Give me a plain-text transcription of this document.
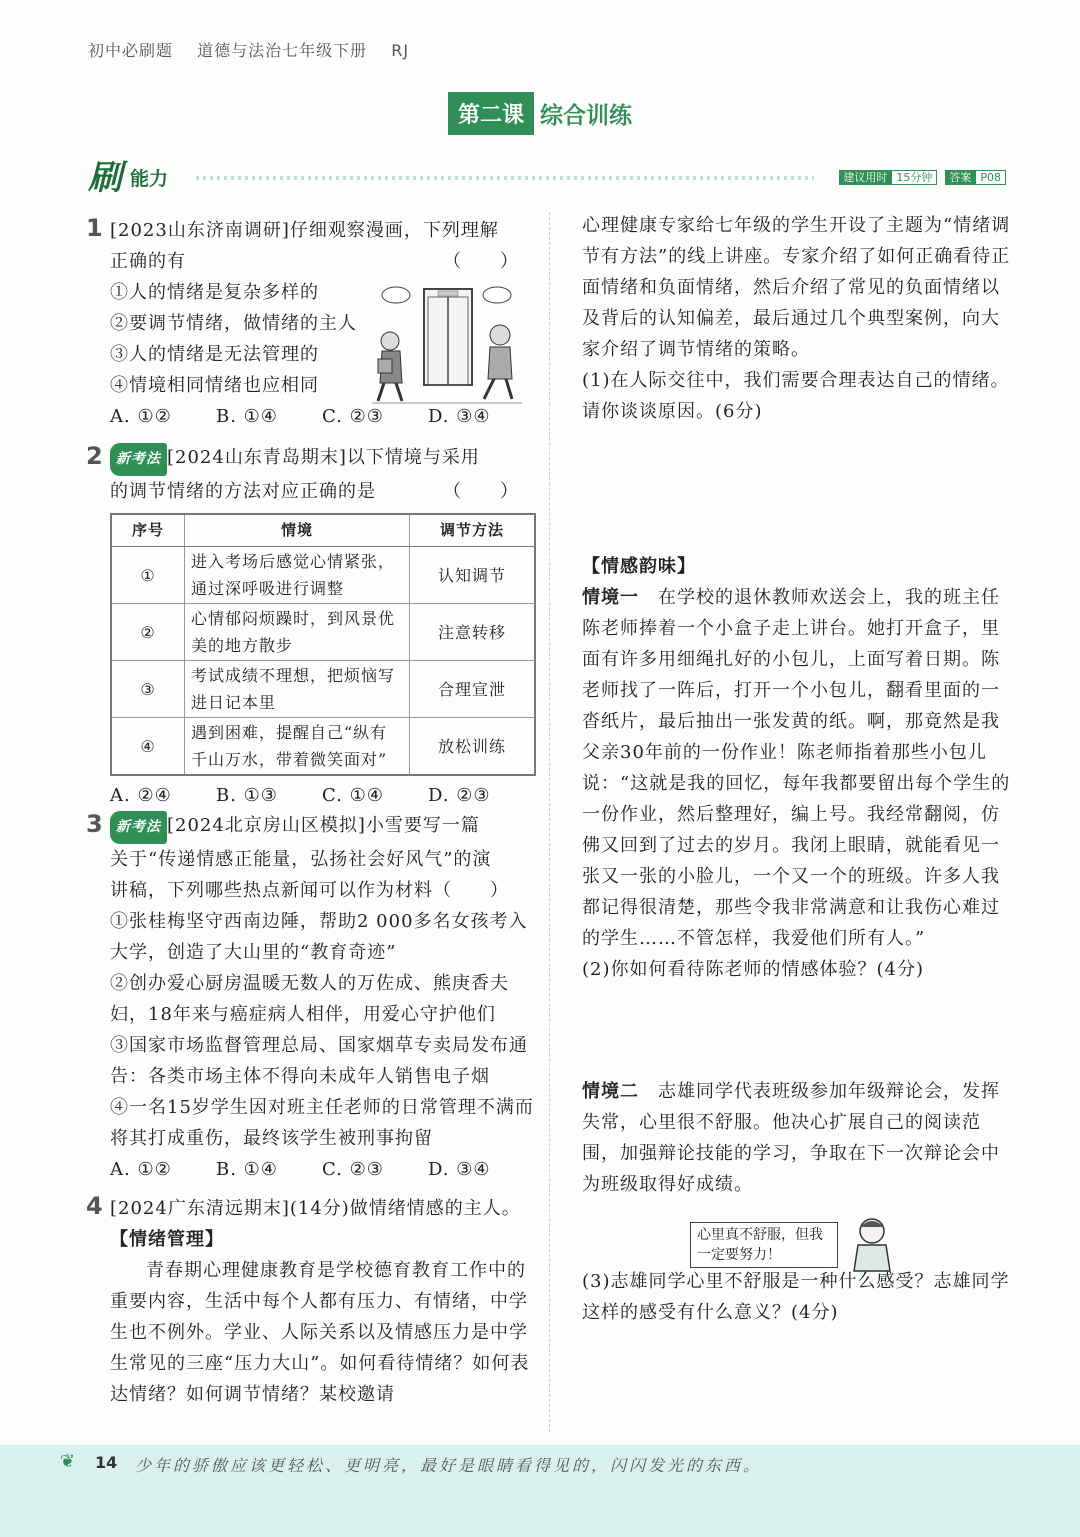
初中必刷题 道德与法治七年级下册 RJ
第二课 综合训练
刷 能力	建议用时 15分钟 答案 P08
1 [2023山东济南调研]仔细观察漫画，下列理解

正确的有　　　　　　　　　　　　　　（　　）

①人的情绪是复杂多样的

②要调节情绪，做情绪的主人

③人的情绪是无法管理的

④情境相同情绪也应相同

A. ①②	B. ①④	C. ②③	D. ③④
2 新考法 [2024山东青岛期末]以下情境与采用

的调节情绪的方法对应正确的是　　　　（　　）

序号	情境	调节方法
①	进入考场后感觉心情紧张，通过深呼吸进行调整	认知调节
②	心情郁闷烦躁时，到风景优美的地方散步	注意转移
③	考试成绩不理想，把烦恼写进日记本里	合理宣泄
④	遇到困难，提醒自己“纵有千山万水，带着微笑面对”	放松训练
A. ②④	B. ①③	C. ①④	D. ②③
3 新考法 [2024北京房山区模拟]小雪要写一篇

关于“传递情感正能量，弘扬社会好风气”的演

讲稿，下列哪些热点新闻可以作为材料（　　）

①张桂梅坚守西南边陲，帮助2 000多名女孩考入大学，创造了大山里的“教育奇迹”

②创办爱心厨房温暖无数人的万佐成、熊庚香夫妇，18年来与癌症病人相伴，用爱心守护他们

③国家市场监督管理总局、国家烟草专卖局发布通告：各类市场主体不得向未成年人销售电子烟

④一名15岁学生因对班主任老师的日常管理不满而将其打成重伤，最终该学生被刑事拘留

A. ①②	B. ①④	C. ②③	D. ③④
4 [2024广东清远期末](14分)做情绪情感的主人。

【情绪管理】

青春期心理健康教育是学校德育教育工作中的重要内容，生活中每个人都有压力、有情绪，中学生也不例外。学业、人际关系以及情感压力是中学生常见的三座“压力大山”。如何看待情绪？如何表达情绪？如何调节情绪？某校邀请

心理健康专家给七年级的学生开设了主题为“情绪调节有方法”的线上讲座。专家介绍了如何正确看待正面情绪和负面情绪，然后介绍了常见的负面情绪以及背后的认知偏差，最后通过几个典型案例，向大家介绍了调节情绪的策略。

(1)在人际交往中，我们需要合理表达自己的情绪。请你谈谈原因。(6分)

【情感韵味】

情境一　 在学校的退休教师欢送会上，我的班主任陈老师捧着一个小盒子走上讲台。她打开盒子，里面有许多用细绳扎好的小包儿，上面写着日期。陈老师找了一阵后，打开一个小包儿，翻看里面的一沓纸片，最后抽出一张发黄的纸。啊，那竟然是我父亲30年前的一份作业！陈老师指着那些小包儿说：“这就是我的回忆，每年我都要留出每个学生的一份作业，然后整理好，编上号。我经常翻阅，仿佛又回到了过去的岁月。我闭上眼睛，就能看见一张又一张的小脸儿，一个又一个的班级。许多人我都记得很清楚，那些令我非常满意和让我伤心难过的学生……不管怎样，我爱他们所有人。”

(2)你如何看待陈老师的情感体验？(4分)

情境二　 志雄同学代表班级参加年级辩论会，发挥失常，心里很不舒服。他决心扩展自己的阅读范围，加强辩论技能的学习，争取在下一次辩论会中为班级取得好成绩。

(3)志雄同学心里不舒服是一种什么感受？志雄同学这样的感受有什么意义？(4分)

心里真不舒服，但我一定要努力！
❦ 14 少年的骄傲应该更轻松、更明亮，最好是眼睛看得见的，闪闪发光的东西。
